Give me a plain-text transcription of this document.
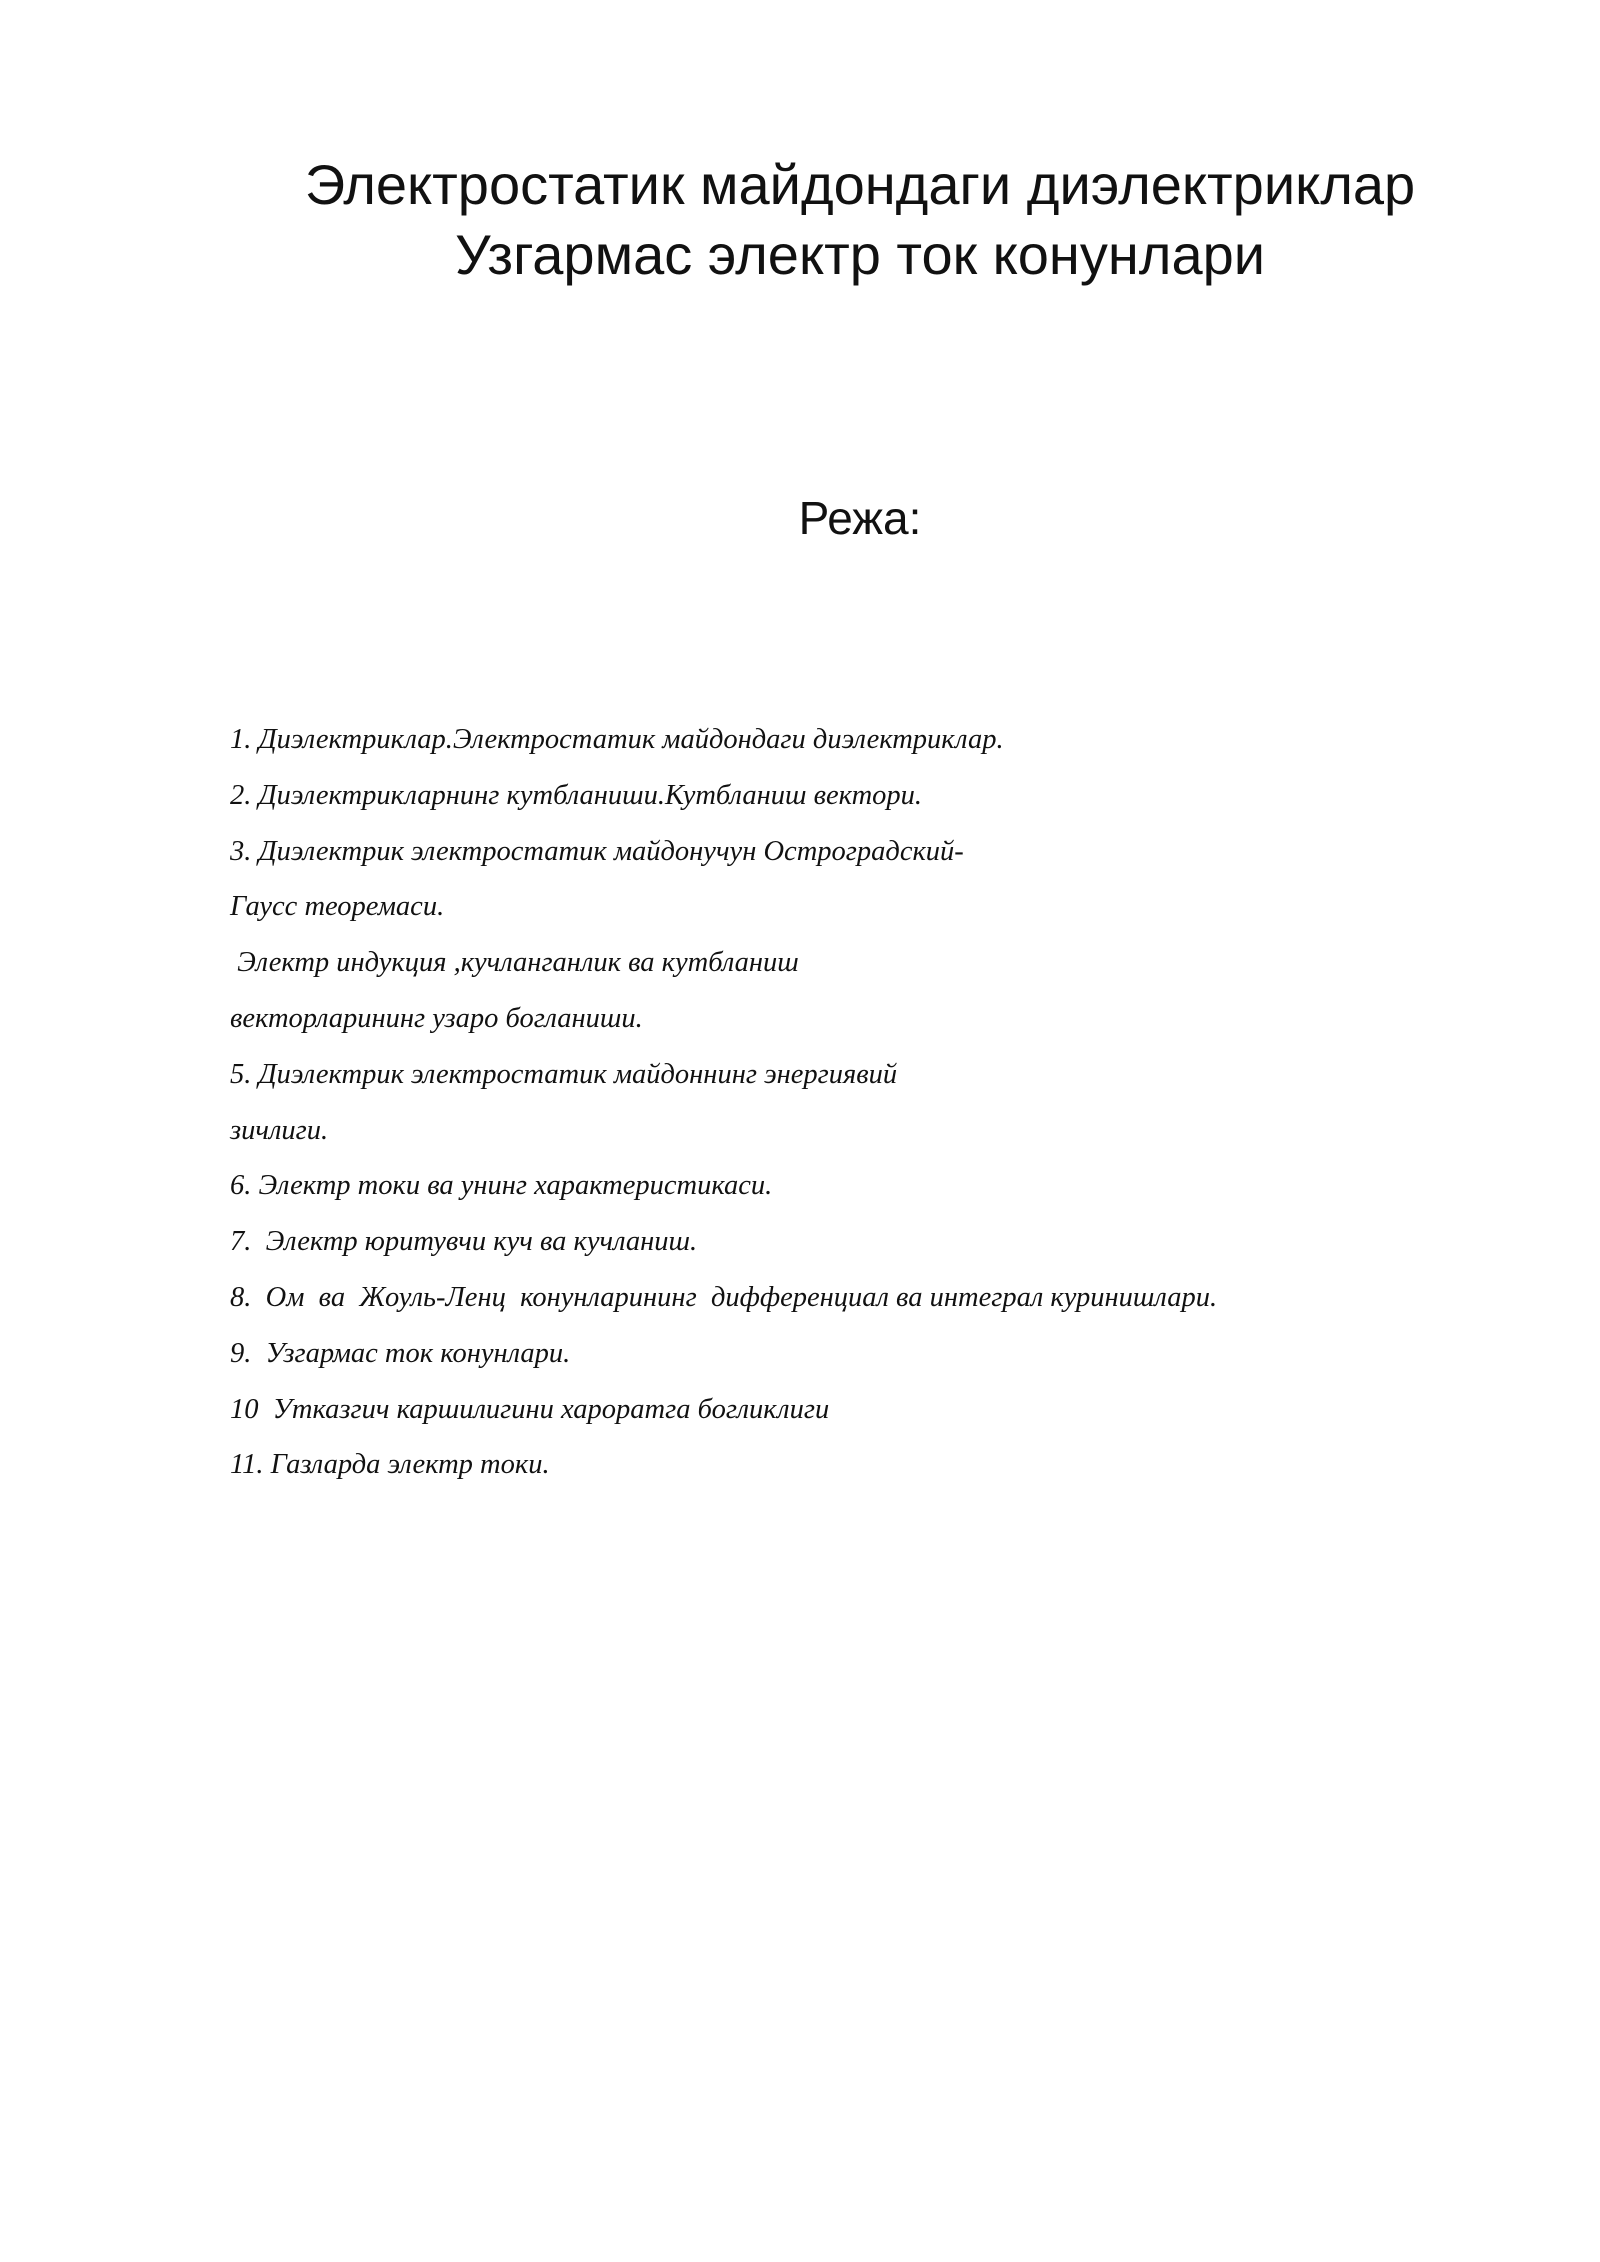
Электростатик майдондаги диэлектриклар
Узгармас электр ток конунлари
Режа:
1. Диэлектриклар.Электростатик майдондаги диэлектриклар.
2. Диэлектрикларнинг кутбланиши.Кутбланиш вектори.
3. Диэлектрик электростатик майдонучун Остроградский-
Гаусс теоремаси.
Электр индукция ,кучланганлик ва кутбланиш
векторларининг узаро богланиши.
5. Диэлектрик электростатик майдоннинг энергиявий
зичлиги.
6. Электр токи ва унинг характеристикаси.
7.  Электр юритувчи куч ва кучланиш.
8.  Ом  ва  Жоуль-Ленц  конунларининг  дифференциал ва интеграл куринишлари.
9.  Узгармас ток конунлари.
10  Утказгич каршилигини хароратга богликлиги
11. Газларда электр токи.
